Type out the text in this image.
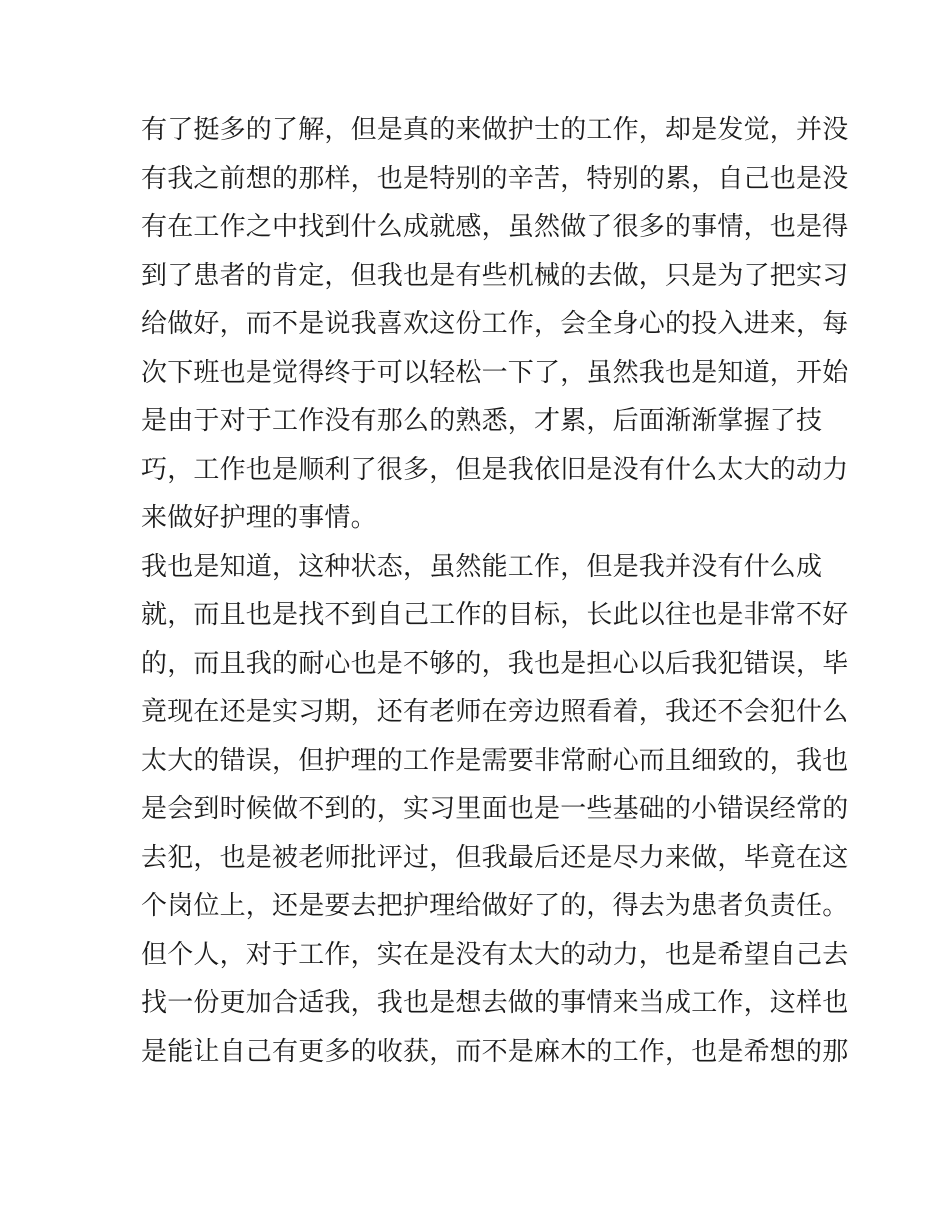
有了挺多的了解，但是真的来做护士的工作，却是发觉，并没
有我之前想的那样，也是特别的辛苦，特别的累，自己也是没
有在工作之中找到什么成就感，虽然做了很多的事情，也是得
到了患者的肯定，但我也是有些机械的去做，只是为了把实习
给做好，而不是说我喜欢这份工作，会全身心的投入进来，每
次下班也是觉得终于可以轻松一下了，虽然我也是知道，开始
是由于对于工作没有那么的熟悉，才累，后面渐渐掌握了技
巧，工作也是顺利了很多，但是我依旧是没有什么太大的动力
来做好护理的事情。
我也是知道，这种状态，虽然能工作，但是我并没有什么成
就，而且也是找不到自己工作的目标，长此以往也是非常不好
的，而且我的耐心也是不够的，我也是担心以后我犯错误，毕
竟现在还是实习期，还有老师在旁边照看着，我还不会犯什么
太大的错误，但护理的工作是需要非常耐心而且细致的，我也
是会到时候做不到的，实习里面也是一些基础的小错误经常的
去犯，也是被老师批评过，但我最后还是尽力来做，毕竟在这
个岗位上，还是要去把护理给做好了的，得去为患者负责任。
但个人，对于工作，实在是没有太大的动力，也是希望自己去
找一份更加合适我，我也是想去做的事情来当成工作，这样也
是能让自己有更多的收获，而不是麻木的工作，也是希想的那
